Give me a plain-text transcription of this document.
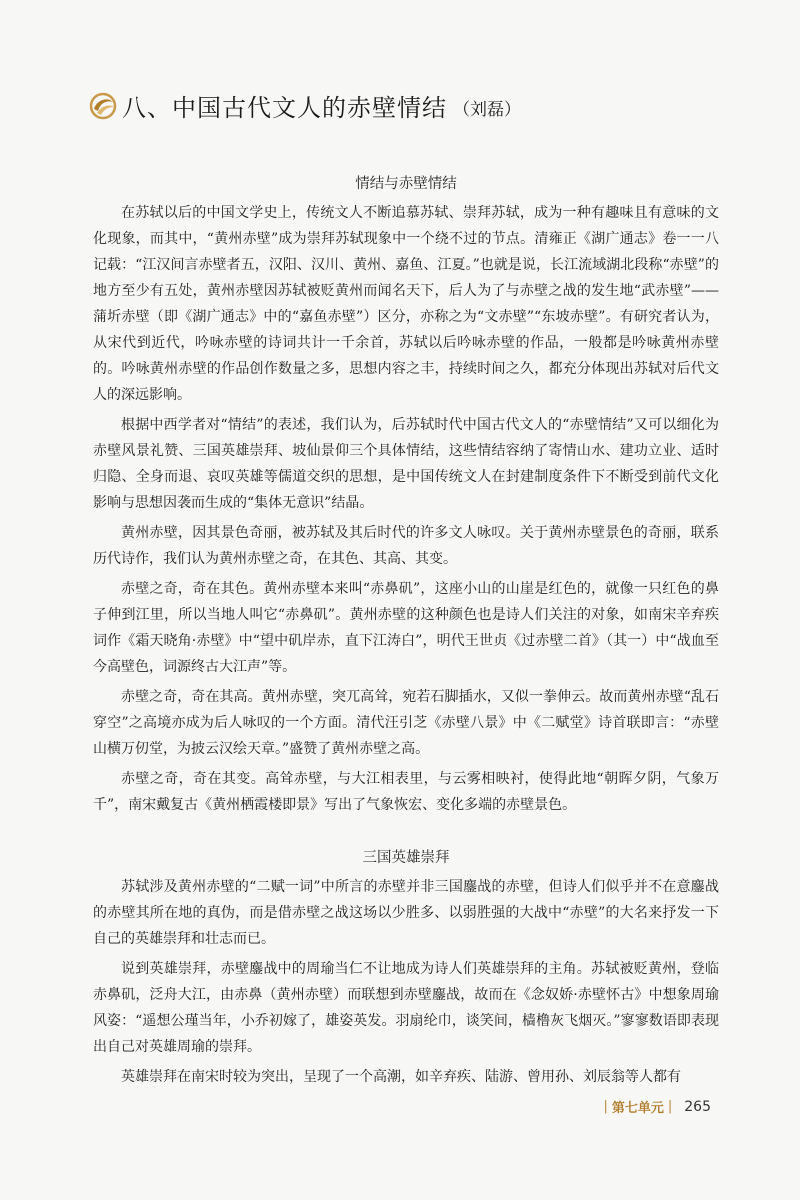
八、中国古代文人的赤壁情结 （刘磊）
情结与赤壁情结

在苏轼以后的中国文学史上，传统文人不断追慕苏轼、崇拜苏轼，成为一种有趣味且有意味的文化现象，而其中，“黄州赤壁”成为崇拜苏轼现象中一个绕不过的节点。清雍正《湖广通志》卷一一八记载：“江汉间言赤壁者五，汉阳、汉川、黄州、嘉鱼、江夏。”也就是说，长江流域湖北段称“赤壁”的地方至少有五处，黄州赤壁因苏轼被贬黄州而闻名天下，后人为了与赤壁之战的发生地“武赤壁”——蒲圻赤壁（即《湖广通志》中的“嘉鱼赤壁”）区分，亦称之为“文赤壁”“东坡赤壁”。有研究者认为，从宋代到近代，吟咏赤壁的诗词共计一千余首，苏轼以后吟咏赤壁的作品，一般都是吟咏黄州赤壁的。吟咏黄州赤壁的作品创作数量之多，思想内容之丰，持续时间之久，都充分体现出苏轼对后代文人的深远影响。

根据中西学者对“情结”的表述，我们认为，后苏轼时代中国古代文人的“赤壁情结”又可以细化为赤壁风景礼赞、三国英雄崇拜、坡仙景仰三个具体情结，这些情结容纳了寄情山水、建功立业、适时归隐、全身而退、哀叹英雄等儒道交织的思想，是中国传统文人在封建制度条件下不断受到前代文化影响与思想因袭而生成的“集体无意识”结晶。

黄州赤壁，因其景色奇丽，被苏轼及其后时代的许多文人咏叹。关于黄州赤壁景色的奇丽，联系历代诗作，我们认为黄州赤壁之奇，在其色、其高、其变。

赤壁之奇，奇在其色。黄州赤壁本来叫“赤鼻矶”，这座小山的山崖是红色的，就像一只红色的鼻子伸到江里，所以当地人叫它“赤鼻矶”。黄州赤壁的这种颜色也是诗人们关注的对象，如南宋辛弃疾词作《霜天晓角·赤壁》中“望中矶岸赤，直下江涛白”，明代王世贞《过赤壁二首》（其一）中“战血至今高壁色，词源终古大江声”等。

赤壁之奇，奇在其高。黄州赤壁，突兀高耸，宛若石脚插水，又似一拳伸云。故而黄州赤壁“乱石穿空”之高境亦成为后人咏叹的一个方面。清代汪引芝《赤壁八景》中《二赋堂》诗首联即言：“赤壁山横万仞堂，为披云汉绘天章。”盛赞了黄州赤壁之高。

赤壁之奇，奇在其变。高耸赤壁，与大江相表里，与云雾相映衬，使得此地“朝晖夕阴，气象万千”，南宋戴复古《黄州栖霞楼即景》写出了气象恢宏、变化多端的赤壁景色。

三国英雄崇拜

苏轼涉及黄州赤壁的“二赋一词”中所言的赤壁并非三国鏖战的赤壁，但诗人们似乎并不在意鏖战的赤壁其所在地的真伪，而是借赤壁之战这场以少胜多、以弱胜强的大战中“赤壁”的大名来抒发一下自己的英雄崇拜和壮志而已。

说到英雄崇拜，赤壁鏖战中的周瑜当仁不让地成为诗人们英雄崇拜的主角。苏轼被贬黄州，登临赤鼻矶，泛舟大江，由赤鼻（黄州赤壁）而联想到赤壁鏖战，故而在《念奴娇·赤壁怀古》中想象周瑜风姿：“遥想公瑾当年，小乔初嫁了，雄姿英发。羽扇纶巾，谈笑间，樯橹灰飞烟灭。”寥寥数语即表现出自己对英雄周瑜的崇拜。

英雄崇拜在南宋时较为突出，呈现了一个高潮，如辛弃疾、陆游、曾用孙、刘辰翁等人都有

| 第七单元 | 265
